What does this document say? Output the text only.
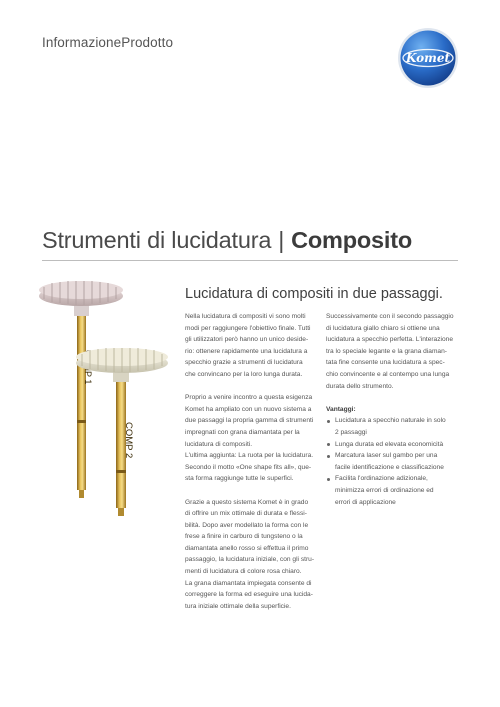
InformazioneProdotto
Komet
Strumenti di lucidatura | Composito
COMP 2
Lucidatura di compositi in due passaggi.
Nella lucidatura di compositi vi sono molti
modi per raggiungere l'obiettivo finale. Tutti
gli utilizzatori però hanno un unico deside-
rio: ottenere rapidamente una lucidatura a
specchio grazie a strumenti di lucidatura
che convincano per la loro lunga durata.
Proprio a venire incontro a questa esigenza
Komet ha ampliato con un nuovo sistema a
due passaggi la propria gamma di strumenti
impregnati con grana diamantata per la
lucidatura di compositi.
L'ultima aggiunta: La ruota per la lucidatura.
Secondo il motto «One shape fits all», que-
sta forma raggiunge tutte le superfici.
Grazie a questo sistema Komet è in grado
di offrire un mix ottimale di durata e flessi-
bilità. Dopo aver modellato la forma con le
frese a finire in carburo di tungsteno o la
diamantata anello rosso si effettua il primo
passaggio, la lucidatura iniziale, con gli stru-
menti di lucidatura di colore rosa chiaro.
La grana diamantata impiegata consente di
correggere la forma ed eseguire una lucida-
tura iniziale ottimale della superficie.
Successivamente con il secondo passaggio
di lucidatura giallo chiaro si ottiene una
lucidatura a specchio perfetta. L'interazione
tra lo speciale legante e la grana diaman-
tata fine consente una lucidatura a spec-
chio convincente e al contempo una lunga
durata dello strumento.
Vantaggi:
Lucidatura a specchio naturale in solo
2 passaggi
Lunga durata ed elevata economicità
Marcatura laser sul gambo per una
facile identificazione e classificazione
Facilita l'ordinazione adizionale,
minimizza errori di ordinazione ed
errori di applicazione
